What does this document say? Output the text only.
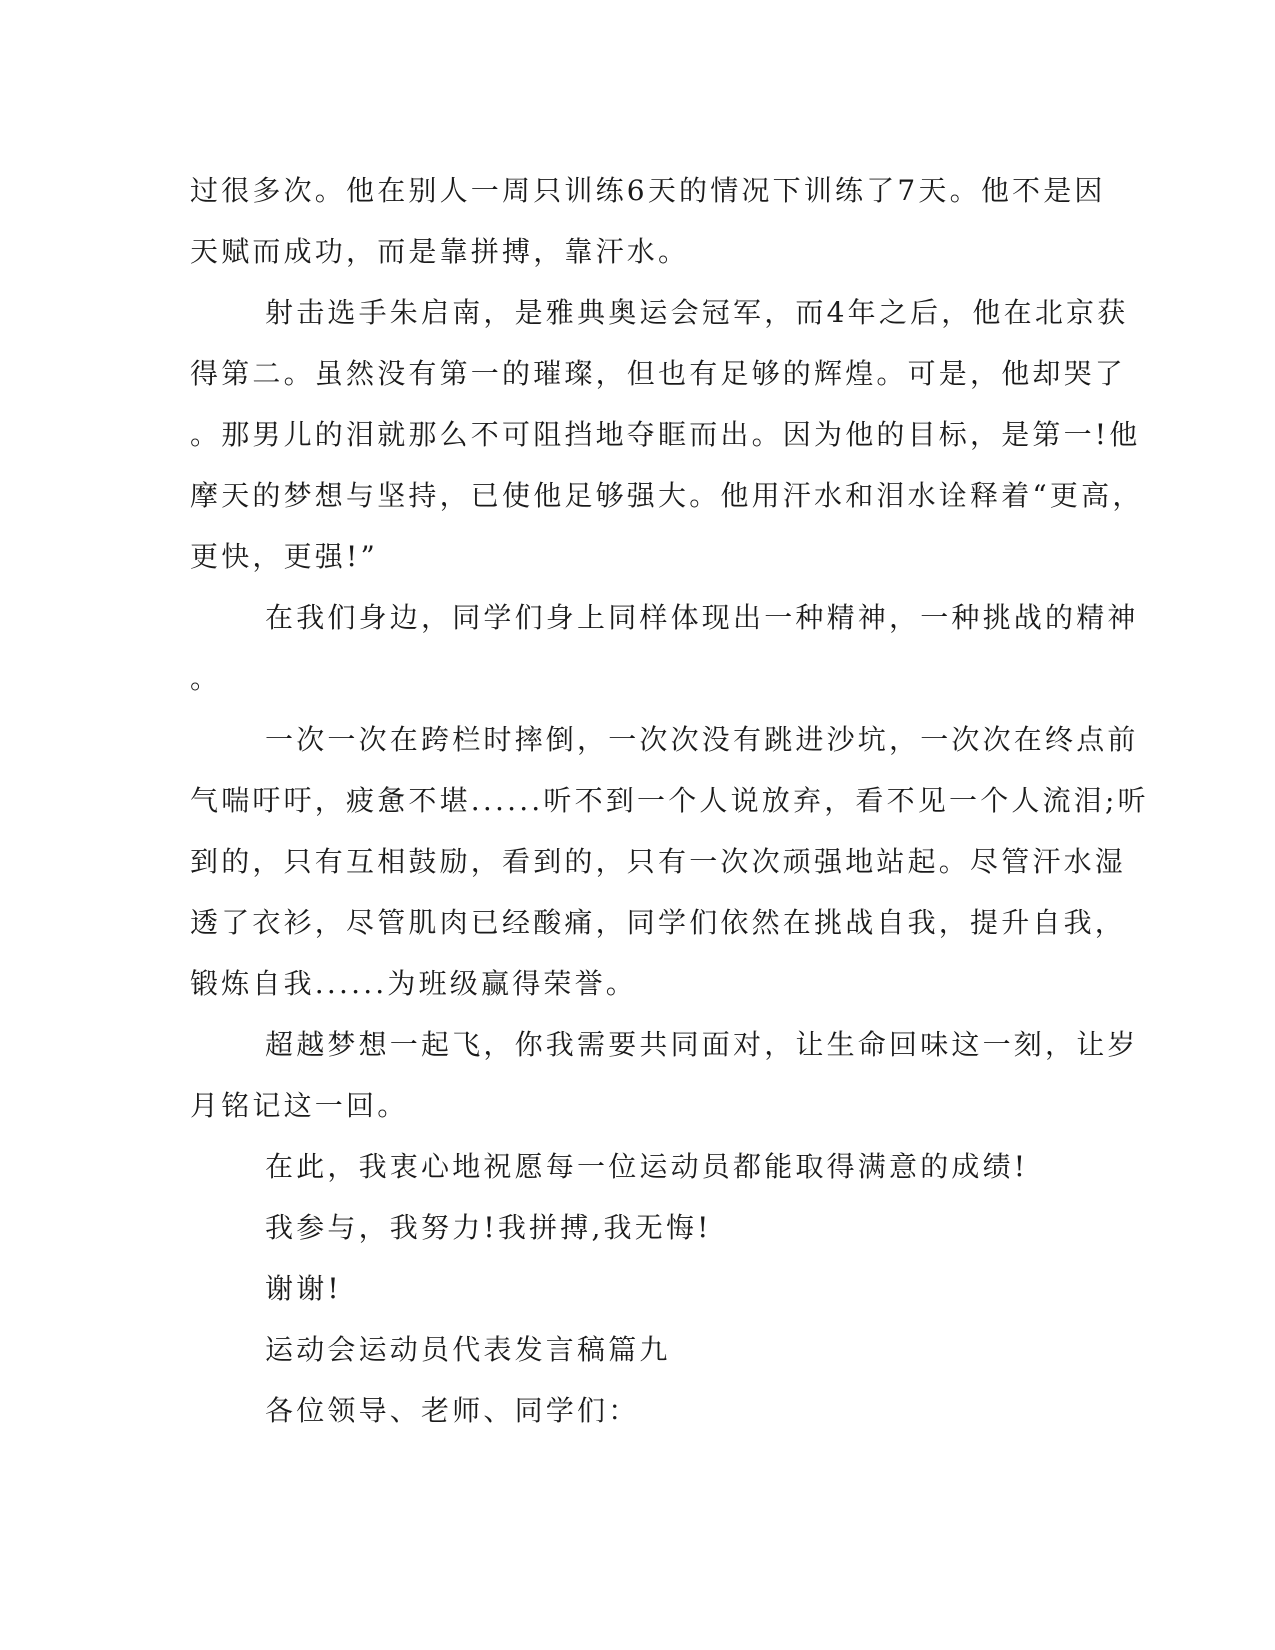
过很多次。他在别人一周只训练6天的情况下训练了7天。他不是因
天赋而成功，而是靠拼搏，靠汗水。
射击选手朱启南，是雅典奥运会冠军，而4年之后，他在北京获
得第二。虽然没有第一的璀璨，但也有足够的辉煌。可是，他却哭了
。那男儿的泪就那么不可阻挡地夺眶而出。因为他的目标，是第一!他
摩天的梦想与坚持，已使他足够强大。他用汗水和泪水诠释着“更高，
更快，更强!”
在我们身边，同学们身上同样体现出一种精神，一种挑战的精神
。
一次一次在跨栏时摔倒，一次次没有跳进沙坑，一次次在终点前
气喘吁吁，疲惫不堪......听不到一个人说放弃，看不见一个人流泪;听
到的，只有互相鼓励，看到的，只有一次次顽强地站起。尽管汗水湿
透了衣衫，尽管肌肉已经酸痛，同学们依然在挑战自我，提升自我，
锻炼自我......为班级赢得荣誉。
超越梦想一起飞，你我需要共同面对，让生命回味这一刻，让岁
月铭记这一回。
在此，我衷心地祝愿每一位运动员都能取得满意的成绩!
我参与，我努力!我拼搏,我无悔!
谢谢!
运动会运动员代表发言稿篇九
各位领导、老师、同学们：
